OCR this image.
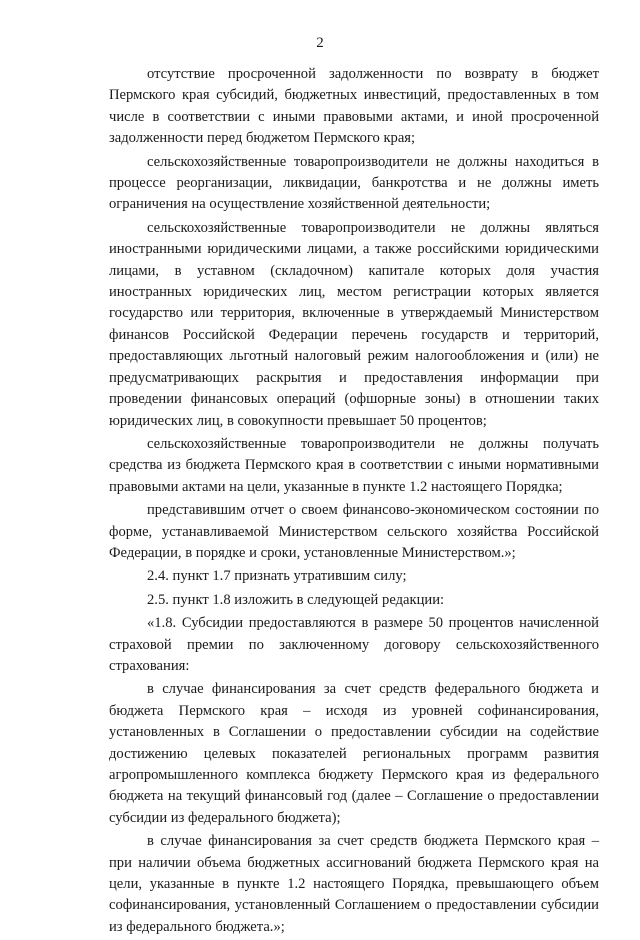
2

отсутствие просроченной задолженности по возврату в бюджет Пермского края субсидий, бюджетных инвестиций, предоставленных в том числе в соответствии с иными правовыми актами, и иной просроченной задолженности перед бюджетом Пермского края;

сельскохозяйственные товаропроизводители не должны находиться в процессе реорганизации, ликвидации, банкротства и не должны иметь ограничения на осуществление хозяйственной деятельности;

сельскохозяйственные товаропроизводители не должны являться иностранными юридическими лицами, а также российскими юридическими лицами, в уставном (складочном) капитале которых доля участия иностранных юридических лиц, местом регистрации которых является государство или территория, включенные в утверждаемый Министерством финансов Российской Федерации перечень государств и территорий, предоставляющих льготный налоговый режим налогообложения и (или) не предусматривающих раскрытия и предоставления информации при проведении финансовых операций (офшорные зоны) в отношении таких юридических лиц, в совокупности превышает 50 процентов;

сельскохозяйственные товаропроизводители не должны получать средства из бюджета Пермского края в соответствии с иными нормативными правовыми актами на цели, указанные в пункте 1.2 настоящего Порядка;

представившим отчет о своем финансово-экономическом состоянии по форме, устанавливаемой Министерством сельского хозяйства Российской Федерации, в порядке и сроки, установленные Министерством.»;

2.4. пункт 1.7 признать утратившим силу;

2.5. пункт 1.8 изложить в следующей редакции:

«1.8. Субсидии предоставляются в размере 50 процентов начисленной страховой премии по заключенному договору сельскохозяйственного страхования:

в случае финансирования за счет средств федерального бюджета и бюджета Пермского края – исходя из уровней софинансирования, установленных в Соглашении о предоставлении субсидии на содействие достижению целевых показателей региональных программ развития агропромышленного комплекса бюджету Пермского края из федерального бюджета на текущий финансовый год (далее – Соглашение о предоставлении субсидии из федерального бюджета);

в случае финансирования за счет средств бюджета Пермского края – при наличии объема бюджетных ассигнований бюджета Пермского края на цели, указанные в пункте 1.2 настоящего Порядка, превышающего объем софинансирования, установленный Соглашением о предоставлении субсидии из федерального бюджета.»;
